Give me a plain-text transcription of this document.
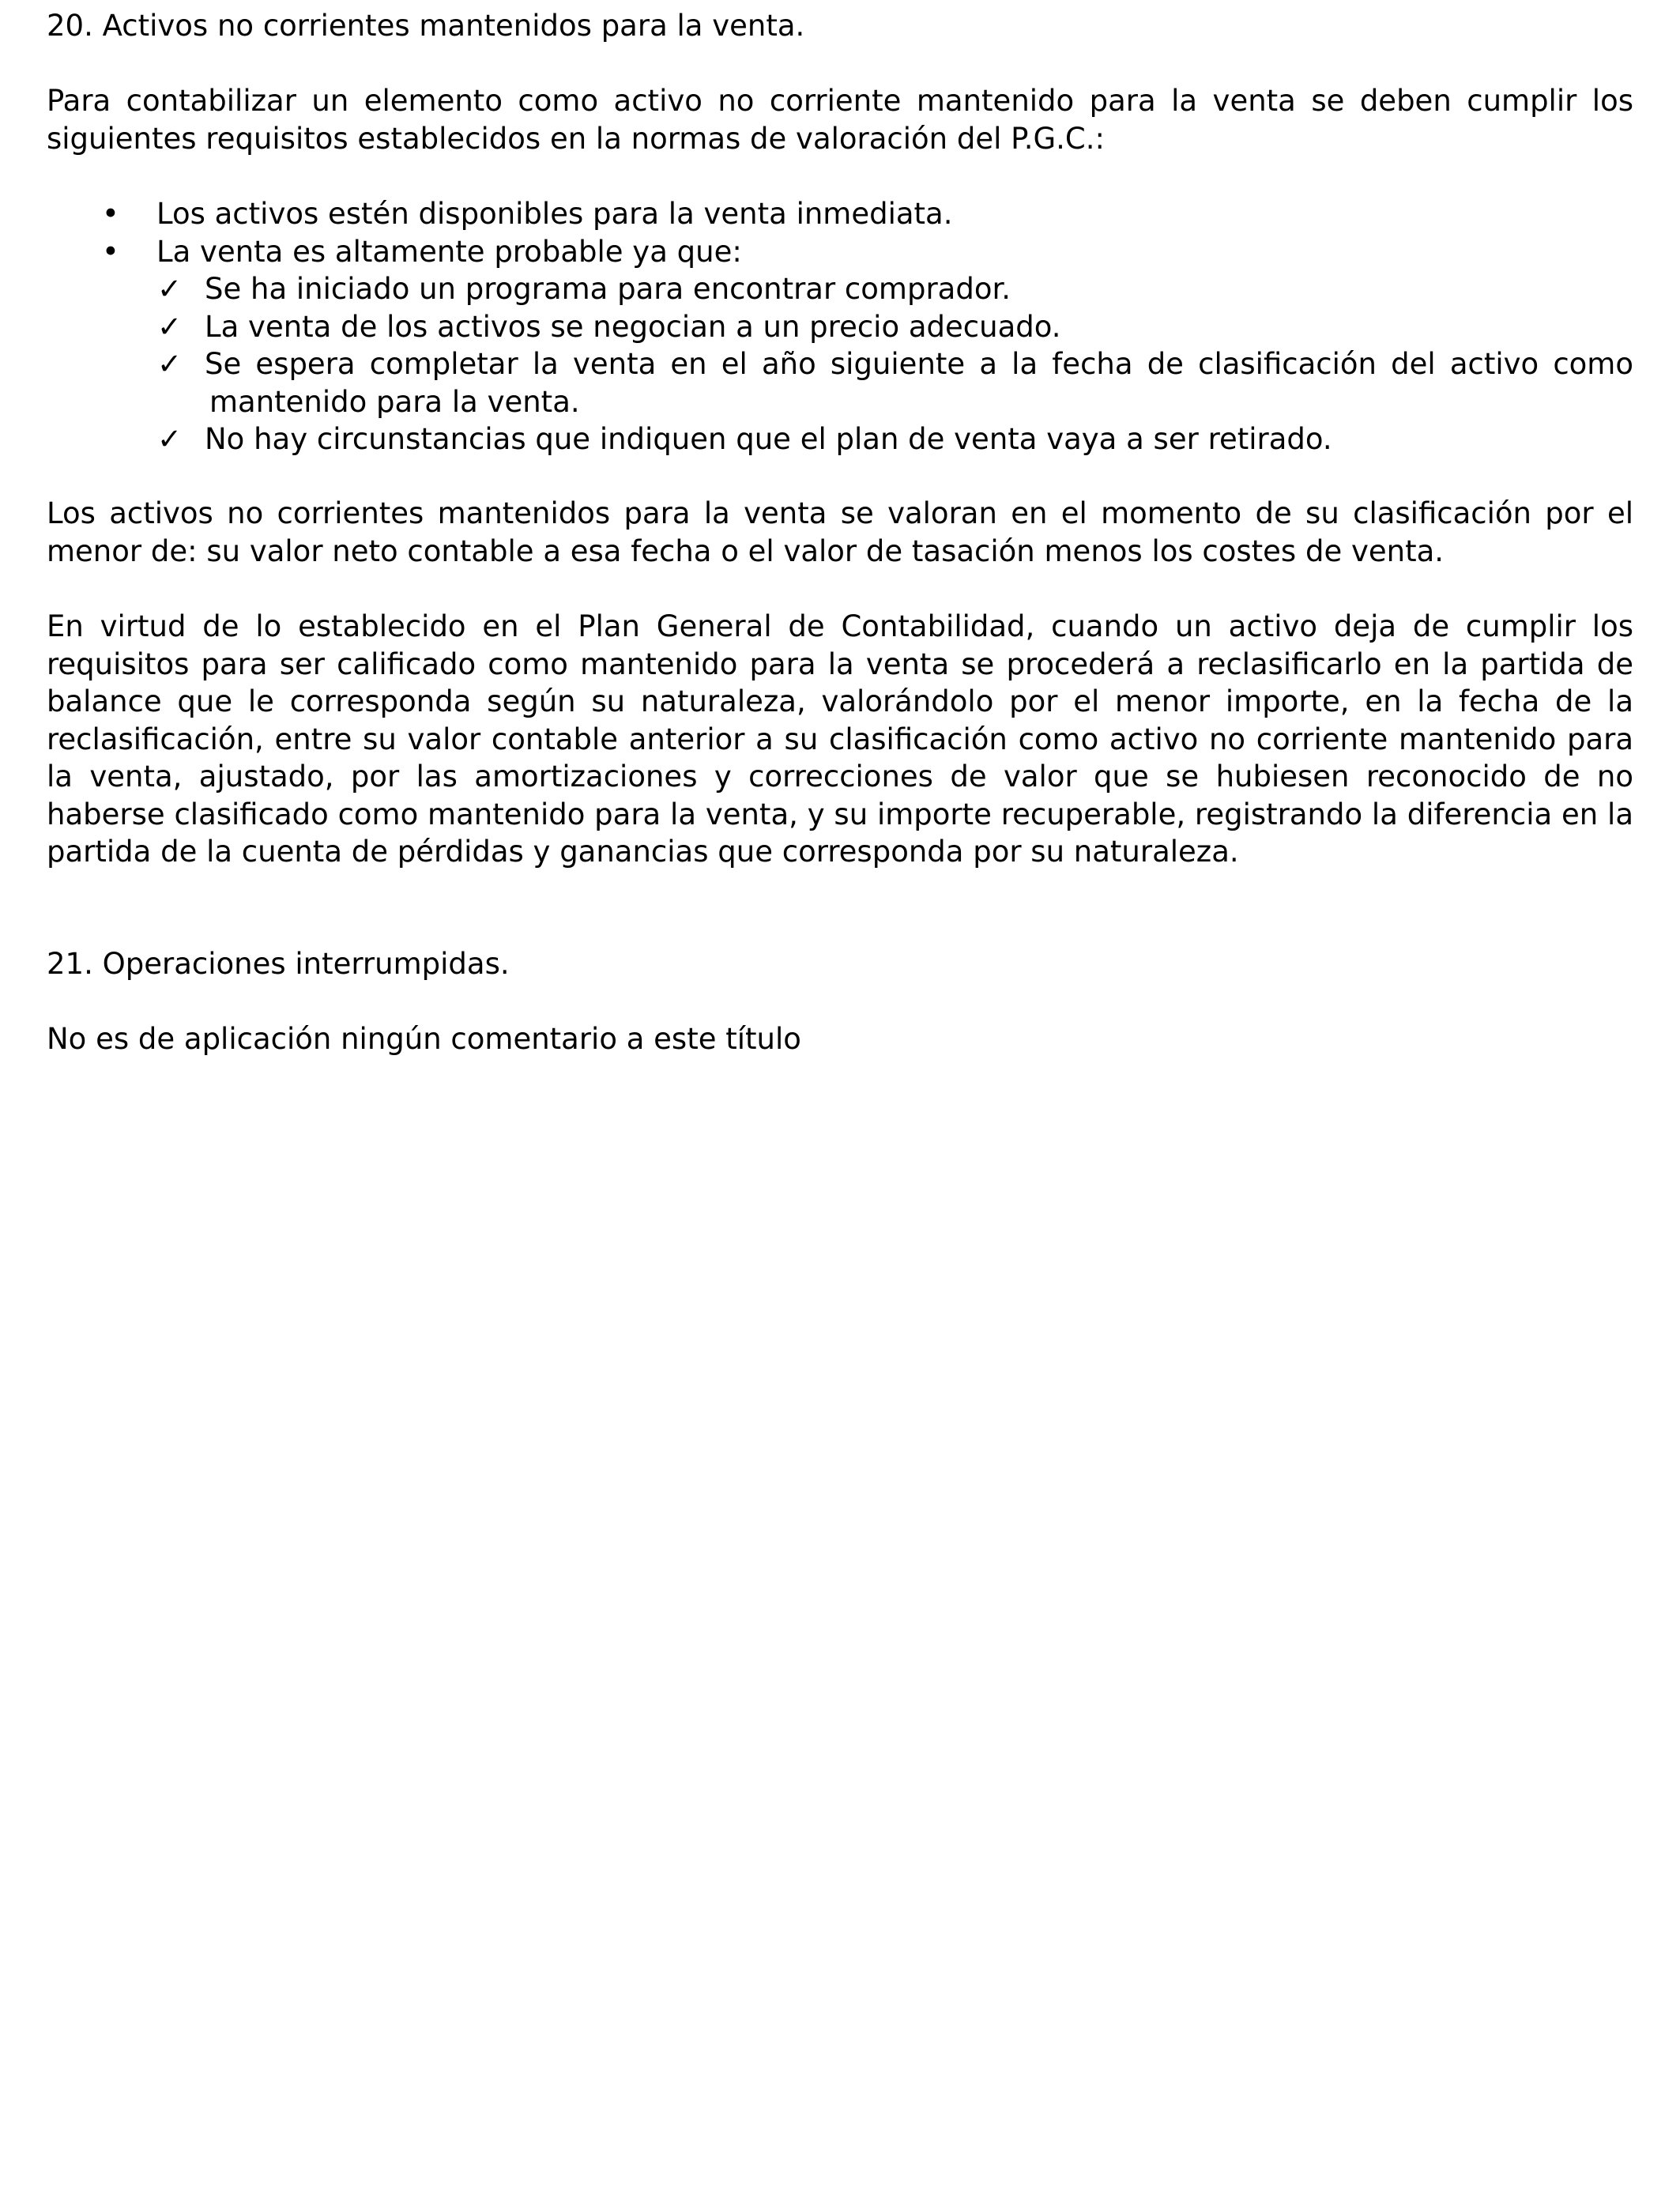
20. Activos no corrientes mantenidos para la venta.

Para contabilizar un elemento como activo no corriente mantenido para la venta se deben cumplir los siguientes requisitos establecidos en la normas de valoración del P.G.C.:

•	Los activos estén disponibles para la venta inmediata.
•	La venta es altamente probable ya que:
✓ Se ha iniciado un programa para encontrar comprador.
✓ La venta de los activos se negocian a un precio adecuado.
✓ Se espera completar la venta en el año siguiente a la fecha de clasificación del activo como
mantenido para la venta.
✓ No hay circunstancias que indiquen que el plan de venta vaya a ser retirado.

Los activos no corrientes mantenidos para la venta se valoran en el momento de su clasificación por el menor de: su valor neto contable a esa fecha o el valor de tasación menos los costes de venta.

En virtud de lo establecido en el Plan General de Contabilidad, cuando un activo deja de cumplir los requisitos para ser calificado como mantenido para la venta se procederá a reclasificarlo en la partida de balance que le corresponda según su naturaleza, valorándolo por el menor importe, en la fecha de la reclasificación, entre su valor contable anterior a su clasificación como activo no corriente mantenido para la venta, ajustado, por las amortizaciones y correcciones de valor que se hubiesen reconocido de no haberse clasificado como mantenido para la venta, y su importe recuperable, registrando la diferencia en la partida de la cuenta de pérdidas y ganancias que corresponda por su naturaleza.

21. Operaciones interrumpidas.

No es de aplicación ningún comentario a este título
